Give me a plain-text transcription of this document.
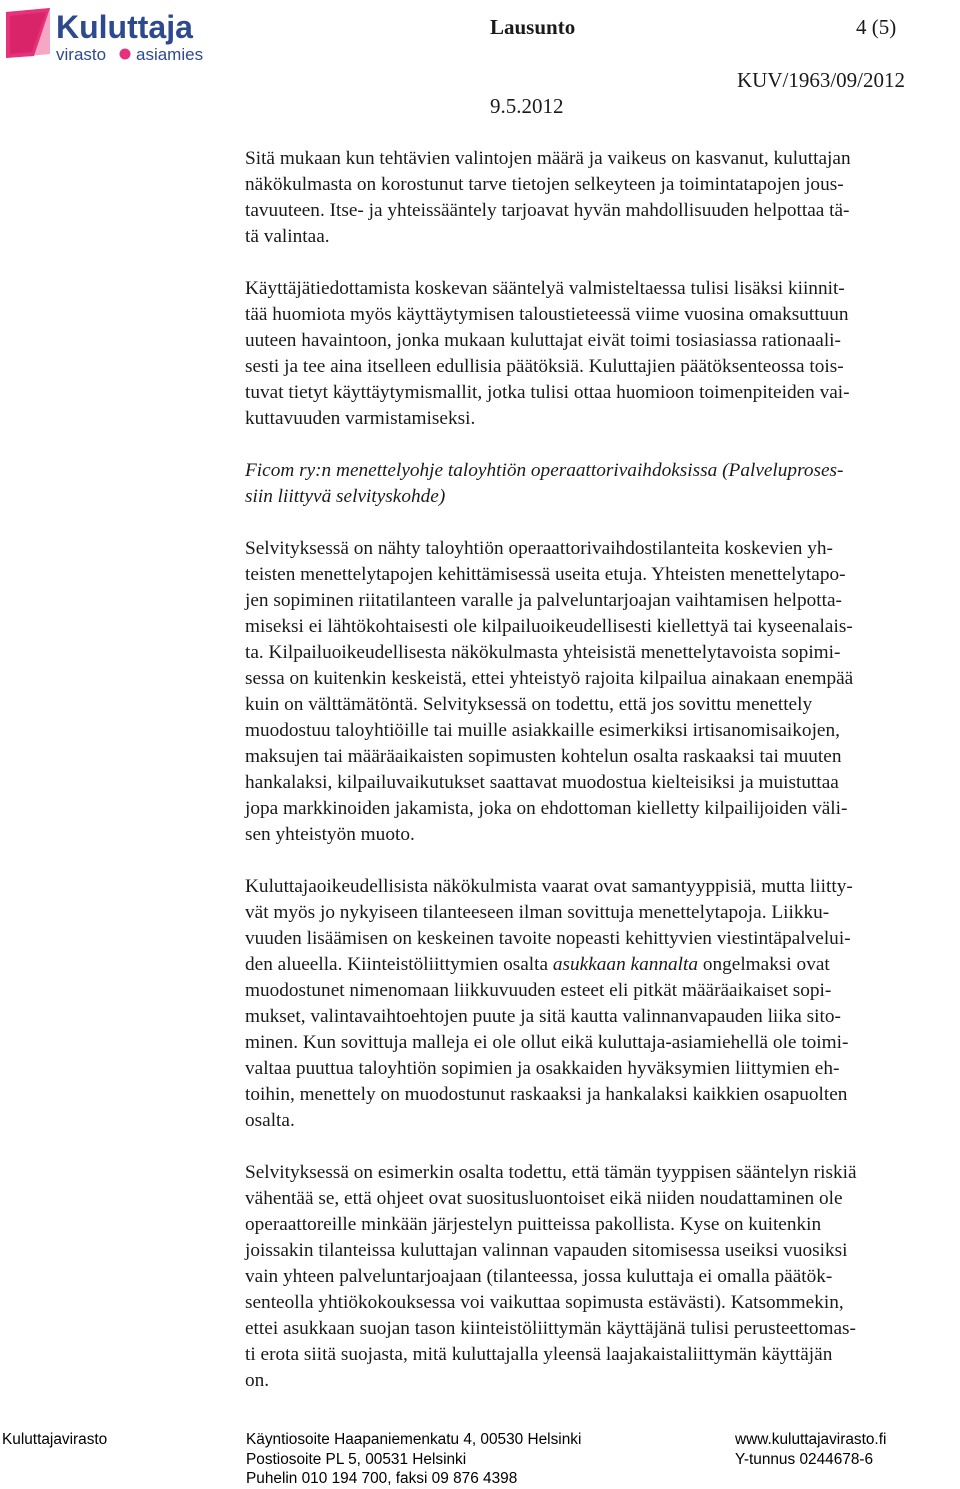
Kuluttaja
virasto asiamies
Lausunto	4 (5)
KUV/1963/09/2012
9.5.2012

Sitä mukaan kun tehtävien valintojen määrä ja vaikeus on kasvanut, kuluttajan
näkökulmasta on korostunut tarve tietojen selkeyteen ja toimintatapojen jous-
tavuuteen. Itse- ja yhteissääntely tarjoavat hyvän mahdollisuuden helpottaa tä-
tä valintaa.

Käyttäjätiedottamista koskevan sääntelyä valmisteltaessa tulisi lisäksi kiinnit-
tää huomiota myös käyttäytymisen taloustieteessä viime vuosina omaksuttuun
uuteen havaintoon, jonka mukaan kuluttajat eivät toimi tosiasiassa rationaali-
sesti ja tee aina itselleen edullisia päätöksiä. Kuluttajien päätöksenteossa tois-
tuvat tietyt käyttäytymismallit, jotka tulisi ottaa huomioon toimenpiteiden vai-
kuttavuuden varmistamiseksi.

Ficom ry:n menettelyohje taloyhtiön operaattorivaihdoksissa (Palveluproses-
siin liittyvä selvityskohde)

Selvityksessä on nähty taloyhtiön operaattorivaihdostilanteita koskevien yh-
teisten menettelytapojen kehittämisessä useita etuja. Yhteisten menettelytapo-
jen sopiminen riitatilanteen varalle ja palveluntarjoajan vaihtamisen helpotta-
miseksi ei lähtökohtaisesti ole kilpailuoikeudellisesti kiellettyä tai kyseenalais-
ta. Kilpailuoikeudellisesta näkökulmasta yhteisistä menettelytavoista sopimi-
sessa on kuitenkin keskeistä, ettei yhteistyö rajoita kilpailua ainakaan enempää
kuin on välttämätöntä. Selvityksessä on todettu, että jos sovittu menettely
muodostuu taloyhtiöille tai muille asiakkaille esimerkiksi irtisanomisaikojen,
maksujen tai määräaikaisten sopimusten kohtelun osalta raskaaksi tai muuten
hankalaksi, kilpailuvaikutukset saattavat muodostua kielteisiksi ja muistuttaa
jopa markkinoiden jakamista, joka on ehdottoman kielletty kilpailijoiden väli-
sen yhteistyön muoto.

Kuluttajaoikeudellisista näkökulmista vaarat ovat samantyyppisiä, mutta liitty-
vät myös jo nykyiseen tilanteeseen ilman sovittuja menettelytapoja. Liikku-
vuuden lisäämisen on keskeinen tavoite nopeasti kehittyvien viestintäpalvelui-
den alueella. Kiinteistöliittymien osalta asukkaan kannalta ongelmaksi ovat
muodostunet nimenomaan liikkuvuuden esteet eli pitkät määräaikaiset sopi-
mukset, valintavaihtoehtojen puute ja sitä kautta valinnanvapauden liika sito-
minen. Kun sovittuja malleja ei ole ollut eikä kuluttaja-asiamiehellä ole toimi-
valtaa puuttua taloyhtiön sopimien ja osakkaiden hyväksymien liittymien eh-
toihin, menettely on muodostunut raskaaksi ja hankalaksi kaikkien osapuolten
osalta.

Selvityksessä on esimerkin osalta todettu, että tämän tyyppisen sääntelyn riskiä
vähentää se, että ohjeet ovat suositusluontoiset eikä niiden noudattaminen ole
operaattoreille minkään järjestelyn puitteissa pakollista. Kyse on kuitenkin
joissakin tilanteissa kuluttajan valinnan vapauden sitomisessa useiksi vuosiksi
vain yhteen palveluntarjoajaan (tilanteessa, jossa kuluttaja ei omalla päätök-
senteolla yhtiökokouksessa voi vaikuttaa sopimusta estävästi). Katsommekin,
ettei asukkaan suojan tason kiinteistöliittymän käyttäjänä tulisi perusteettomas-
ti erota siitä suojasta, mitä kuluttajalla yleensä laajakaistaliittymän käyttäjän
on.

Kuluttajavirasto	Käyntiosoite Haapaniemenkatu 4, 00530 Helsinki
Postiosoite PL 5, 00531 Helsinki
Puhelin 010 194 700, faksi 09 876 4398
www.kuluttajavirasto.fi
Y-tunnus 0244678-6
